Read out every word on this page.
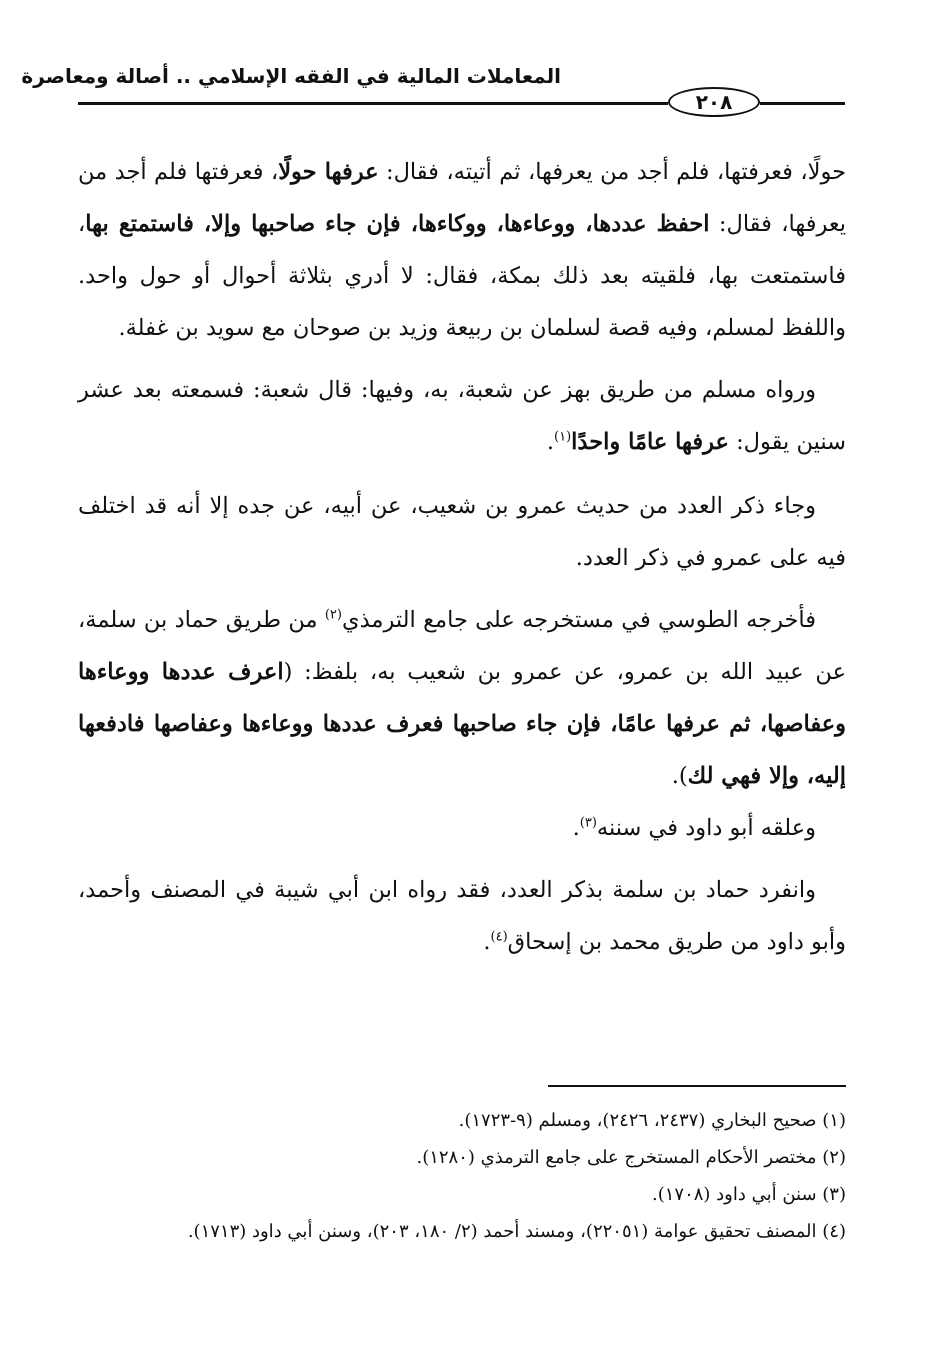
المعاملات المالية في الفقه الإسلامي .. أصالة ومعاصرة
٢٠٨

حولًا، فعرفتها، فلم أجد من يعرفها، ثم أتيته، فقال: عرفها حولًا، فعرفتها فلم أجد من يعرفها، فقال: احفظ عددها، ووعاءها، ووكاءها، فإن جاء صاحبها وإلا، فاستمتع بها، فاستمتعت بها، فلقيته بعد ذلك بمكة، فقال: لا أدري بثلاثة أحوال أو حول واحد. واللفظ لمسلم، وفيه قصة لسلمان بن ربيعة وزيد بن صوحان مع سويد بن غفلة.

ورواه مسلم من طريق بهز عن شعبة، به، وفيها: قال شعبة: فسمعته بعد عشر سنين يقول: عرفها عامًا واحدًا$^{(١)}$.

وجاء ذكر العدد من حديث عمرو بن شعيب، عن أبيه، عن جده إلا أنه قد اختلف فيه على عمرو في ذكر العدد.

فأخرجه الطوسي في مستخرجه على جامع الترمذي$^{(٢)}$ من طريق حماد بن سلمة، عن عبيد الله بن عمرو، عن عمرو بن شعيب به، بلفظ: (اعرف عددها ووعاءها وعفاصها، ثم عرفها عامًا، فإن جاء صاحبها فعرف عددها ووعاءها وعفاصها فادفعها إليه، وإلا فهي لك).

وعلقه أبو داود في سننه$^{(٣)}$.

وانفرد حماد بن سلمة بذكر العدد، فقد رواه ابن أبي شيبة في المصنف وأحمد، وأبو داود من طريق محمد بن إسحاق$^{(٤)}$.

(١) صحيح البخاري (٢٤٣٧، ٢٤٢٦)، ومسلم (٩-١٧٢٣).

(٢) مختصر الأحكام المستخرج على جامع الترمذي (١٢٨٠).

(٣) سنن أبي داود (١٧٠٨).

(٤) المصنف تحقيق عوامة (٢٢٠٥١)، ومسند أحمد (٢/ ١٨٠، ٢٠٣)، وسنن أبي داود (١٧١٣).
